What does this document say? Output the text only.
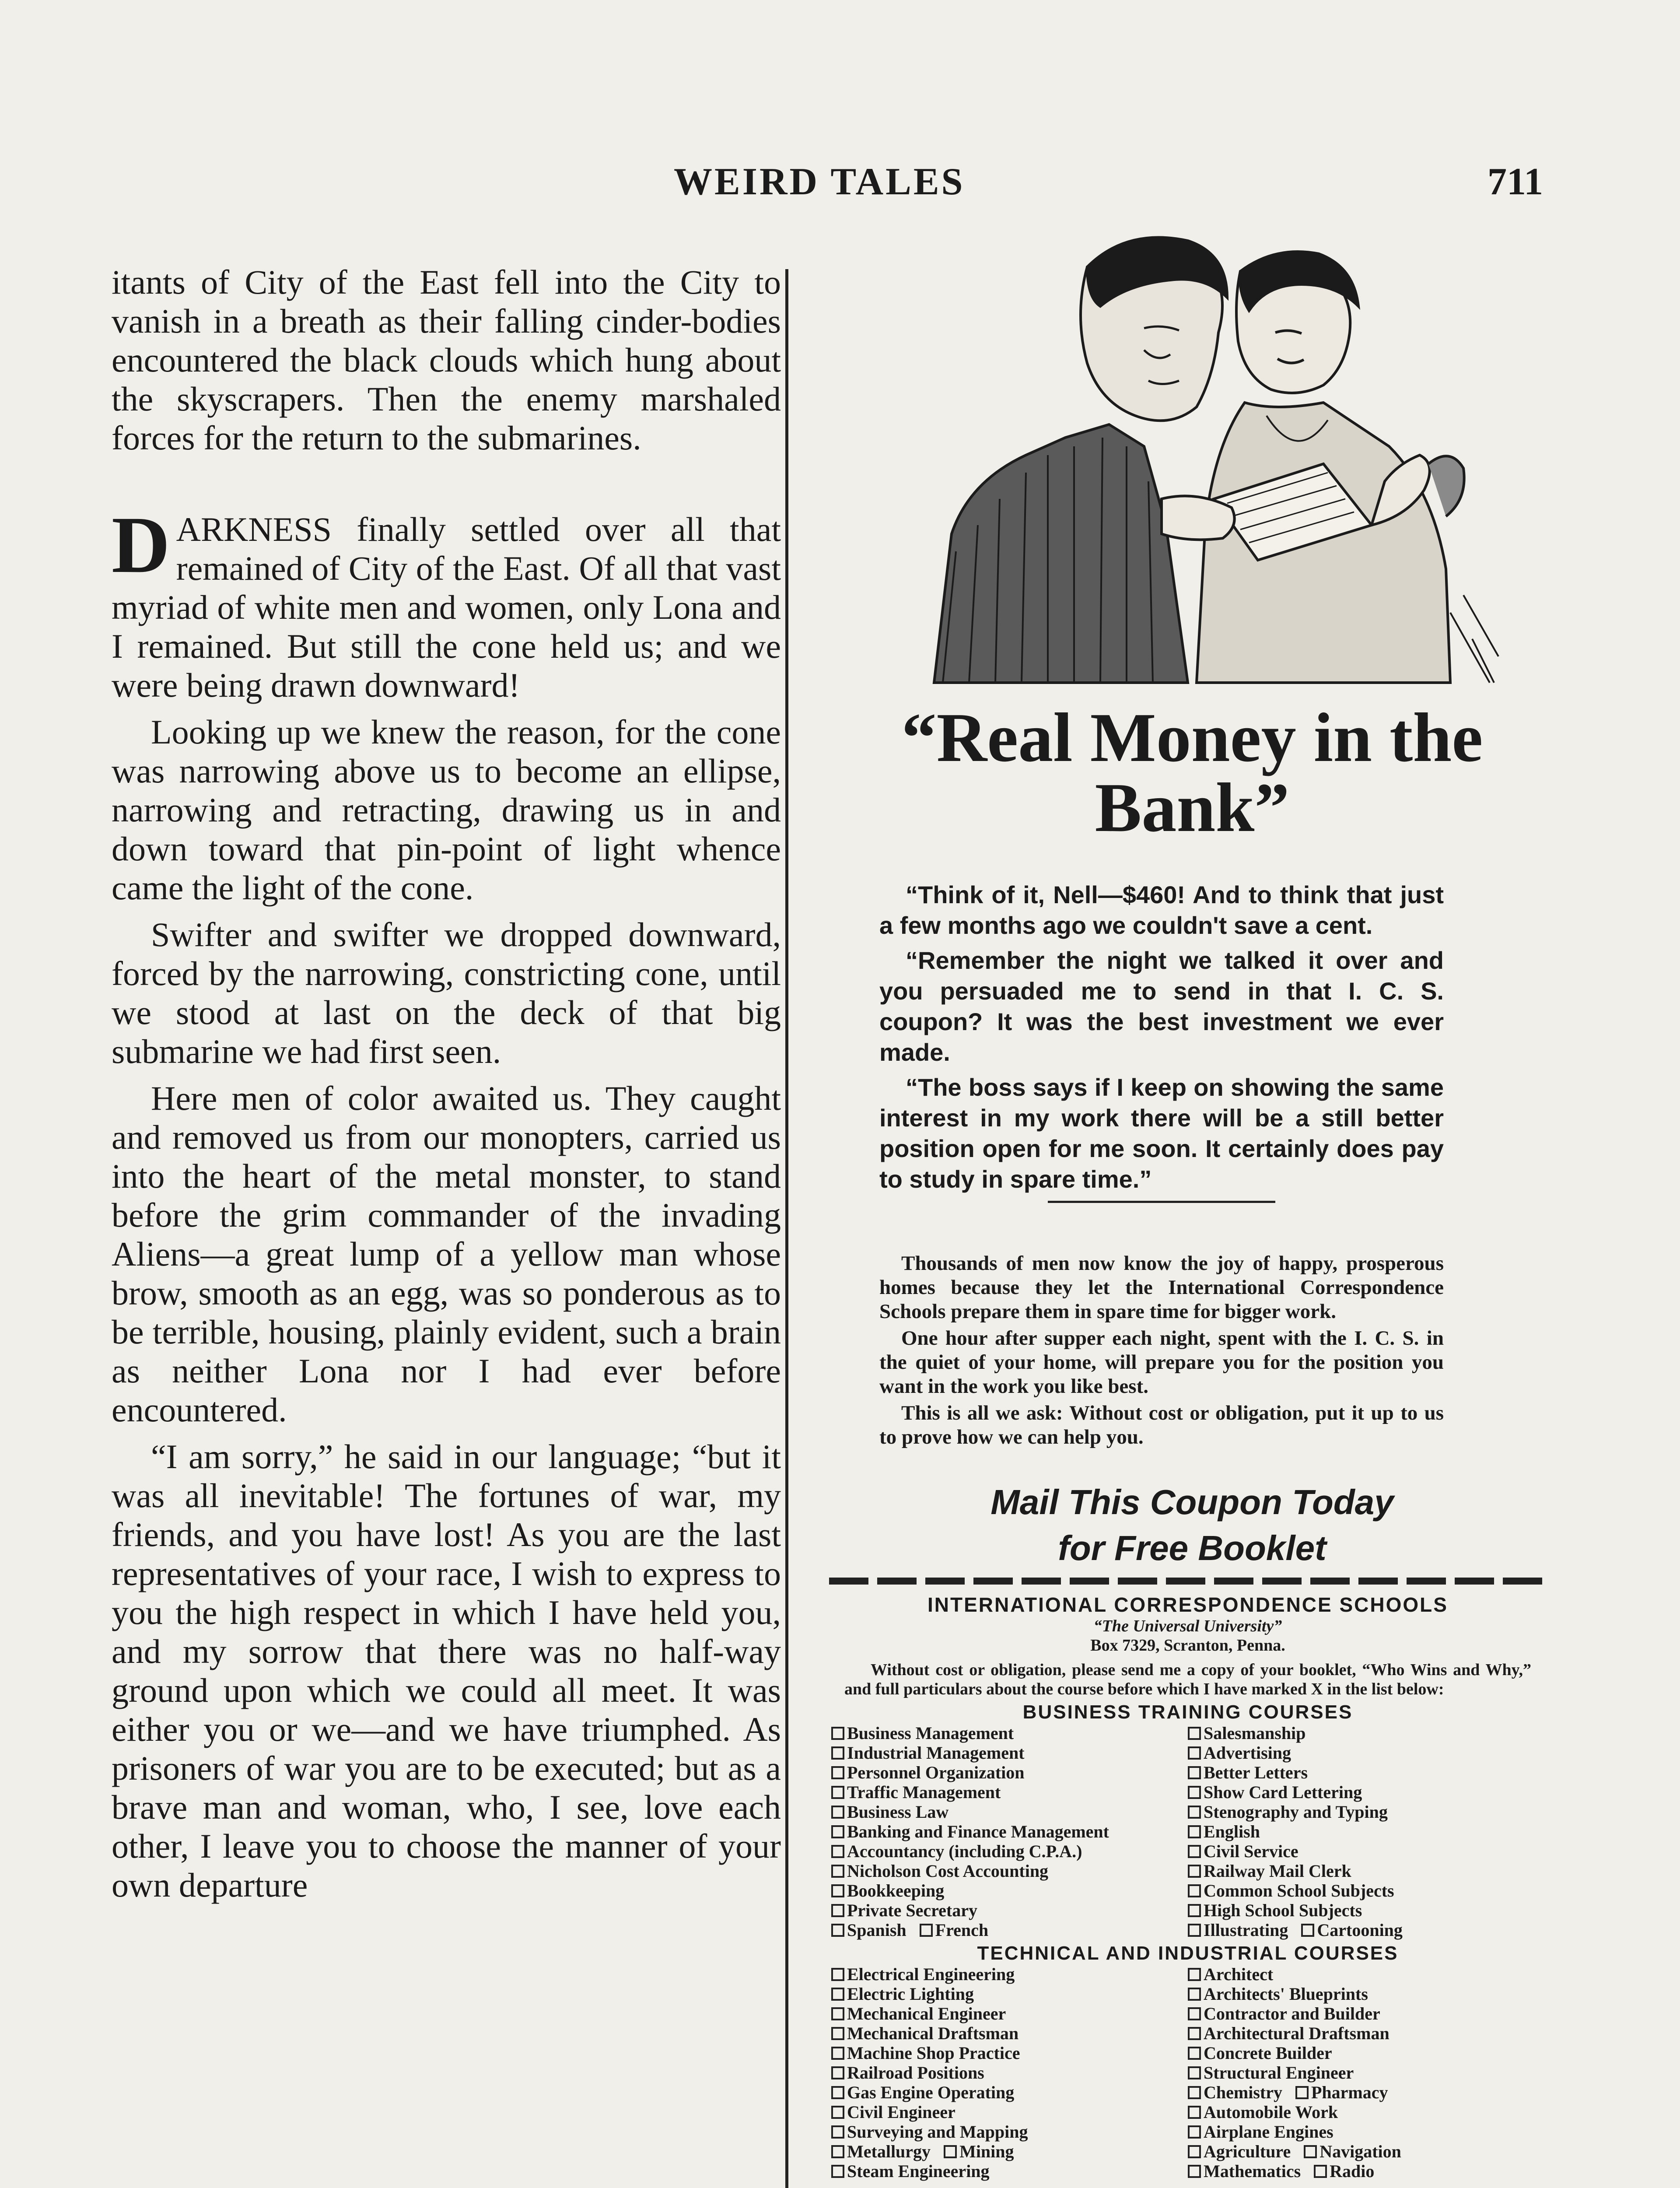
WEIRD TALES	711

itants of City of the East fell into the City to vanish in a breath as their falling cinder-bodies encountered the black clouds which hung about the skyscrapers. Then the enemy marshaled forces for the return to the submarines.

DARKNESS finally settled over all that remained of City of the East. Of all that vast myriad of white men and women, only Lona and I remained. But still the cone held us; and we were being drawn downward!

Looking up we knew the reason, for the cone was narrowing above us to become an ellipse, narrowing and retracting, drawing us in and down toward that pin-point of light whence came the light of the cone.

Swifter and swifter we dropped downward, forced by the narrowing, constricting cone, until we stood at last on the deck of that big submarine we had first seen.

Here men of color awaited us. They caught and removed us from our monopters, carried us into the heart of the metal monster, to stand before the grim commander of the invading Aliens—a great lump of a yellow man whose brow, smooth as an egg, was so ponderous as to be terrible, housing, plainly evident, such a brain as neither Lona nor I had ever before encountered.

“I am sorry,” he said in our language; “but it was all inevitable! The fortunes of war, my friends, and you have lost! As you are the last representatives of your race, I wish to express to you the high respect in which I have held you, and my sorrow that there was no half-way ground upon which we could all meet. It was either you or we—and we have triumphed. As prisoners of war you are to be executed; but as a brave man and woman, who, I see, love each other, I leave you to choose the manner of your own departure

“Real Money in the Bank”

“Think of it, Nell—$460! And to think that just a few months ago we couldn't save a cent.

“Remember the night we talked it over and you persuaded me to send in that I. C. S. coupon? It was the best investment we ever made.

“The boss says if I keep on showing the same interest in my work there will be a still better position open for me soon. It certainly does pay to study in spare time.”

Thousands of men now know the joy of happy, prosperous homes because they let the International Correspondence Schools prepare them in spare time for bigger work.

One hour after supper each night, spent with the I. C. S. in the quiet of your home, will prepare you for the position you want in the work you like best.

This is all we ask: Without cost or obligation, put it up to us to prove how we can help you.

Mail This Coupon Today
for Free Booklet
INTERNATIONAL CORRESPONDENCE SCHOOLS
“The Universal University”
Box 7329, Scranton, Penna.
Without cost or obligation, please send me a copy of your booklet, “Who Wins and Why,” and full particulars about the course before which I have marked X in the list below:
BUSINESS TRAINING COURSES
Business Management
Industrial Management
Personnel Organization
Traffic Management
Business Law
Banking and Finance Management
Accountancy (including C.P.A.)
Nicholson Cost Accounting
Bookkeeping
Private Secretary
Spanish French
Salesmanship
Advertising
Better Letters
Show Card Lettering
Stenography and Typing
English
Civil Service
Railway Mail Clerk
Common School Subjects
High School Subjects
Illustrating Cartooning
TECHNICAL AND INDUSTRIAL COURSES
Electrical Engineering
Electric Lighting
Mechanical Engineer
Mechanical Draftsman
Machine Shop Practice
Railroad Positions
Gas Engine Operating
Civil Engineer
Surveying and Mapping
Metallurgy Mining
Steam Engineering
Architect
Architects' Blueprints
Contractor and Builder
Architectural Draftsman
Concrete Builder
Structural Engineer
Chemistry Pharmacy
Automobile Work
Airplane Engines
Agriculture Navigation
Mathematics Radio
